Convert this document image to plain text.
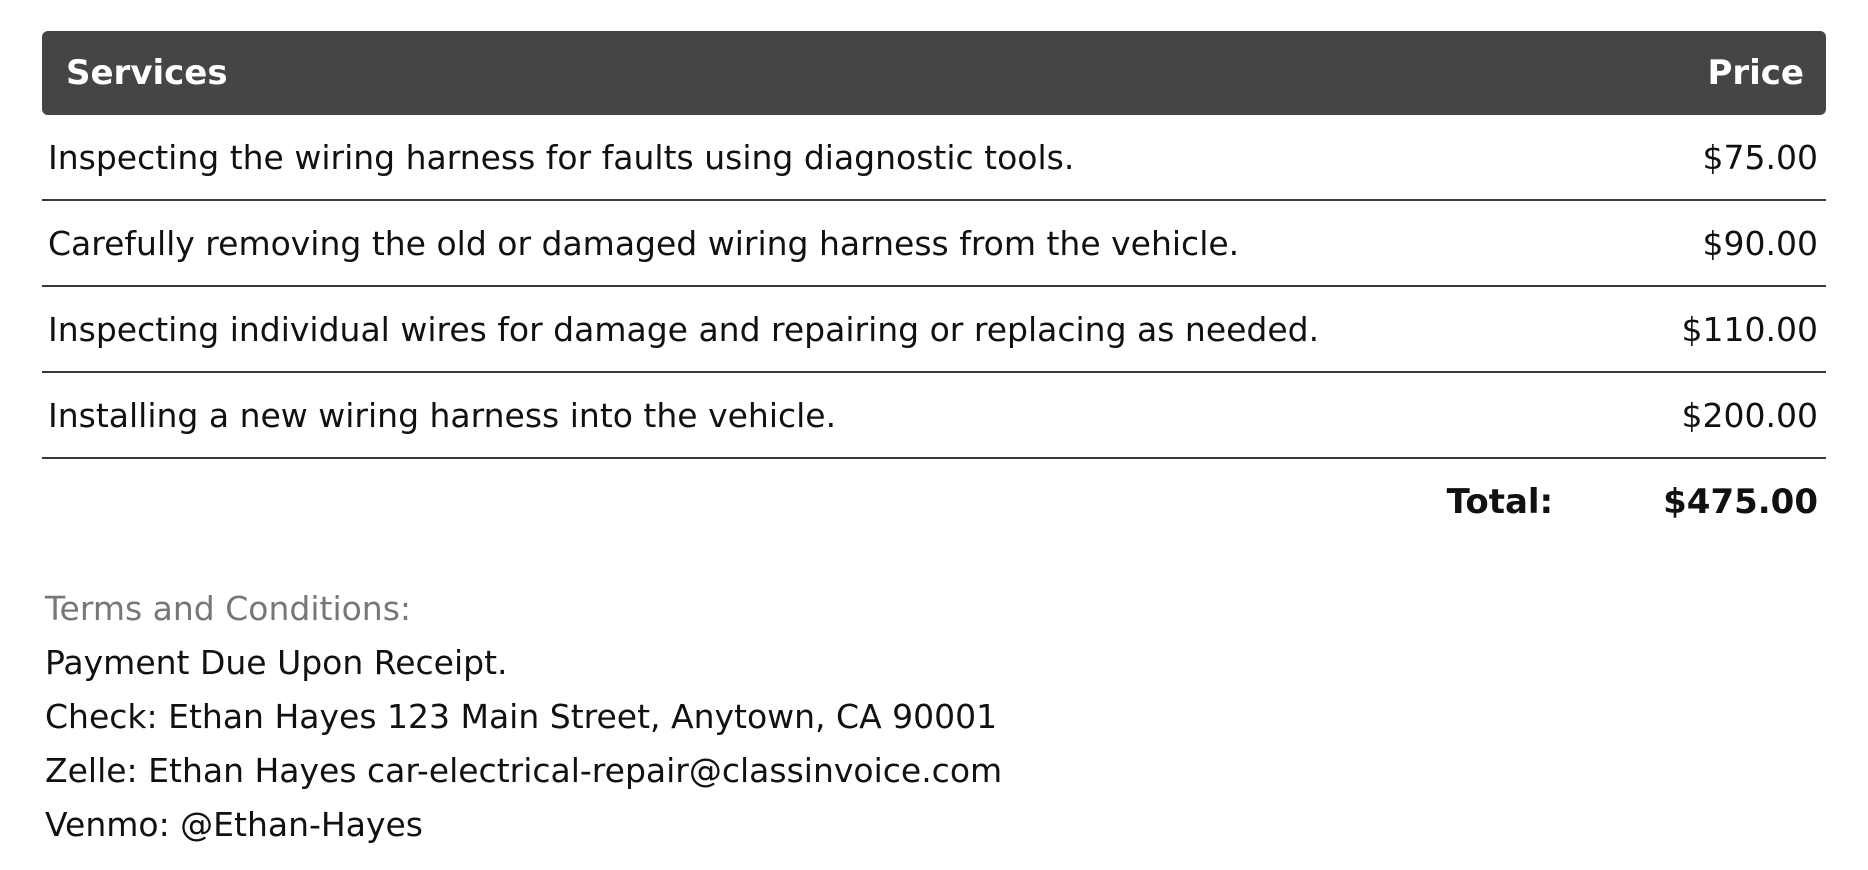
Services	Price
Inspecting the wiring harness for faults using diagnostic tools.	$75.00
Carefully removing the old or damaged wiring harness from the vehicle.	$90.00
Inspecting individual wires for damage and repairing or replacing as needed.	$110.00
Installing a new wiring harness into the vehicle.	$200.00
Total:	$475.00
Terms and Conditions:
Payment Due Upon Receipt.
Check: Ethan Hayes 123 Main Street, Anytown, CA 90001
Zelle: Ethan Hayes car-electrical-repair@classinvoice.com
Venmo: @Ethan-Hayes
